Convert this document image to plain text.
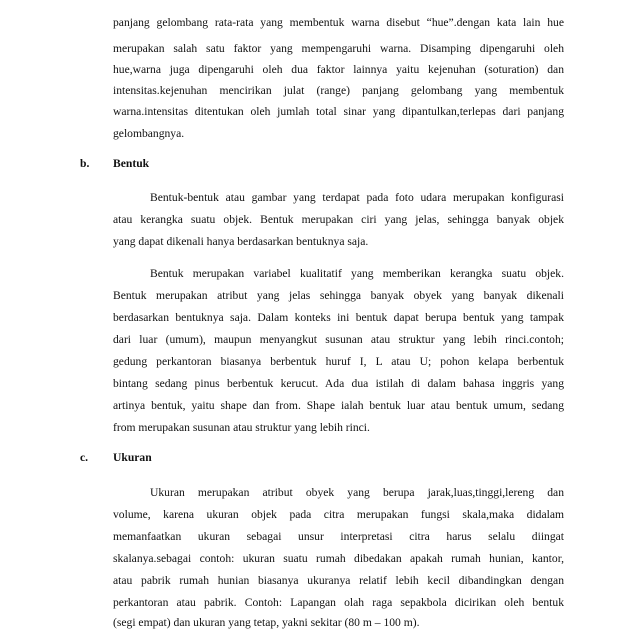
panjang gelombang rata-rata yang membentuk warna disebut “hue”.dengan kata lain hue
merupakan salah satu faktor yang mempengaruhi warna. Disamping dipengaruhi oleh
hue,warna juga dipengaruhi oleh dua faktor lainnya yaitu kejenuhan (soturation) dan
intensitas.kejenuhan mencirikan julat (range) panjang gelombang yang membentuk
warna.intensitas ditentukan oleh jumlah total sinar yang dipantulkan,terlepas dari panjang
gelombangnya.
b. Bentuk
Bentuk-bentuk atau gambar yang terdapat pada foto udara merupakan konfigurasi
atau kerangka suatu objek. Bentuk merupakan ciri yang jelas, sehingga banyak objek
yang dapat dikenali hanya berdasarkan bentuknya saja.
Bentuk merupakan variabel kualitatif yang memberikan kerangka suatu objek.
Bentuk merupakan atribut yang jelas sehingga banyak obyek yang banyak dikenali
berdasarkan bentuknya saja. Dalam konteks ini bentuk dapat berupa bentuk yang tampak
dari luar (umum), maupun menyangkut susunan atau struktur yang lebih rinci.contoh;
gedung perkantoran biasanya berbentuk huruf I, L atau U; pohon kelapa berbentuk
bintang sedang pinus berbentuk kerucut. Ada dua istilah di dalam bahasa inggris yang
artinya bentuk, yaitu shape dan from. Shape ialah bentuk luar atau bentuk umum, sedang
from merupakan susunan atau struktur yang lebih rinci.
c. Ukuran
Ukuran merupakan atribut obyek yang berupa jarak,luas,tinggi,lereng dan
volume, karena ukuran objek pada citra merupakan fungsi skala,maka didalam
memanfaatkan ukuran sebagai unsur interpretasi citra harus selalu diingat
skalanya.sebagai contoh: ukuran suatu rumah dibedakan apakah rumah hunian, kantor,
atau pabrik rumah hunian biasanya ukuranya relatif lebih kecil dibandingkan dengan
perkantoran atau pabrik. Contoh: Lapangan olah raga sepakbola dicirikan oleh bentuk
(segi empat) dan ukuran yang tetap, yakni sekitar (80 m – 100 m).
